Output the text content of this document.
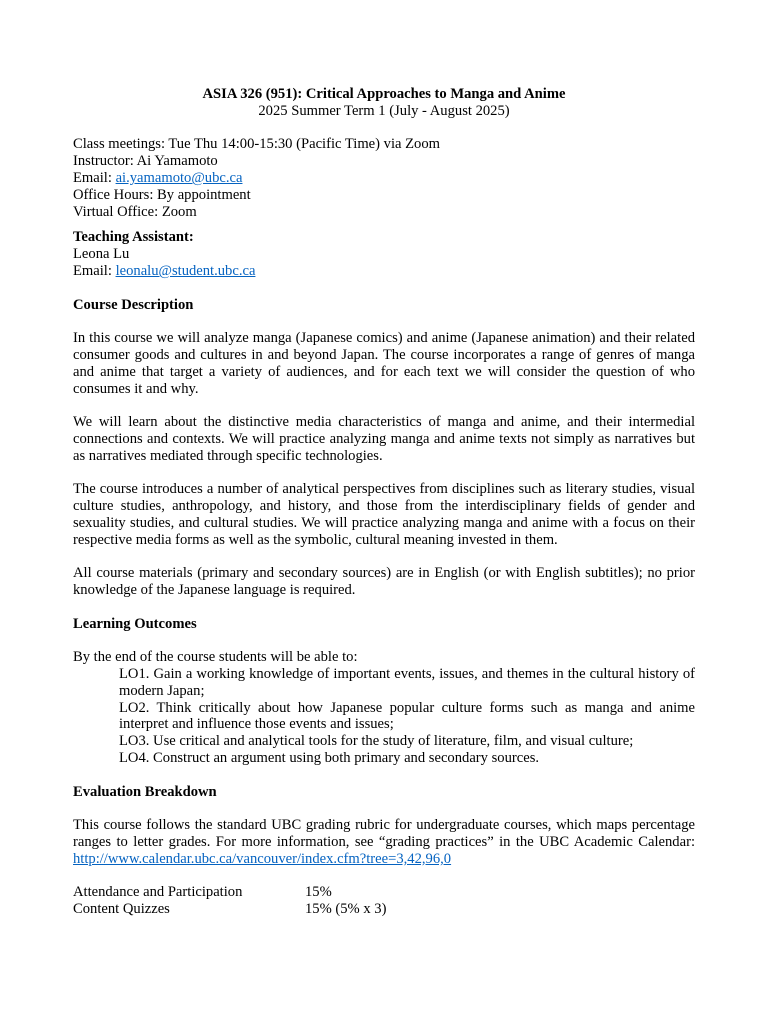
ASIA 326 (951): Critical Approaches to Manga and Anime
2025 Summer Term 1 (July - August 2025)
Class meetings: Tue Thu 14:00-15:30 (Pacific Time) via Zoom
Instructor: Ai Yamamoto
Email: ai.yamamoto@ubc.ca
Office Hours: By appointment
Virtual Office: Zoom
Teaching Assistant:
Leona Lu
Email: leonalu@student.ubc.ca
Course Description
In this course we will analyze manga (Japanese comics) and anime (Japanese animation) and their related consumer goods and cultures in and beyond Japan. The course incorporates a range of genres of manga and anime that target a variety of audiences, and for each text we will consider the question of who consumes it and why.
We will learn about the distinctive media characteristics of manga and anime, and their intermedial connections and contexts. We will practice analyzing manga and anime texts not simply as narratives but as narratives mediated through specific technologies.
The course introduces a number of analytical perspectives from disciplines such as literary studies, visual culture studies, anthropology, and history, and those from the interdisciplinary fields of gender and sexuality studies, and cultural studies. We will practice analyzing manga and anime with a focus on their respective media forms as well as the symbolic, cultural meaning invested in them.
All course materials (primary and secondary sources) are in English (or with English subtitles); no prior knowledge of the Japanese language is required.
Learning Outcomes
By the end of the course students will be able to:
LO1. Gain a working knowledge of important events, issues, and themes in the cultural history of modern Japan;
LO2. Think critically about how Japanese popular culture forms such as manga and anime interpret and influence those events and issues;
LO3. Use critical and analytical tools for the study of literature, film, and visual culture;
LO4. Construct an argument using both primary and secondary sources.
Evaluation Breakdown
This course follows the standard UBC grading rubric for undergraduate courses, which maps percentage ranges to letter grades. For more information, see “grading practices” in the UBC Academic Calendar: http://www.calendar.ubc.ca/vancouver/index.cfm?tree=3,42,96,0
Attendance and Participation	15%
Content Quizzes	15% (5% x 3)
